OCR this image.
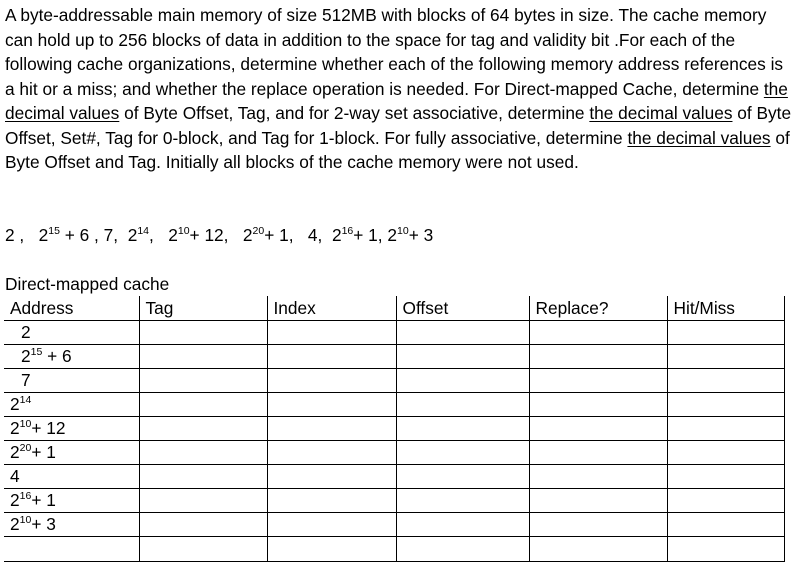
A byte-addressable main memory of size 512MB with blocks of 64 bytes in size. The cache memory can hold up to 256 blocks of data in addition to the space for tag and validity bit .For each of the following cache organizations, determine whether each of the following memory address references is a hit or a miss; and whether the replace operation is needed. For Direct-mapped Cache, determine the decimal values of Byte Offset, Tag, and for 2-way set associative, determine the decimal values of Byte Offset, Set#, Tag for 0-block, and Tag for 1-block. For fully associative, determine the decimal values of Byte Offset and Tag. Initially all blocks of the cache memory were not used.

2 , $2^{15} + 6$ , 7, $2^{14}$, $2^{10}+ 12$, $2^{20}+ 1$, 4, $2^{16}+ 1$, $2^{10}+ 3$
Direct-mapped cache
Address	Tag	Index	Offset	Replace?	Hit/Miss
2					
$2^{15} + 6$					
7					
$2^{14}$					
$2^{10}+ 12$					
$2^{20}+ 1$					
4					
$2^{16}+ 1$					
$2^{10}+ 3$					
